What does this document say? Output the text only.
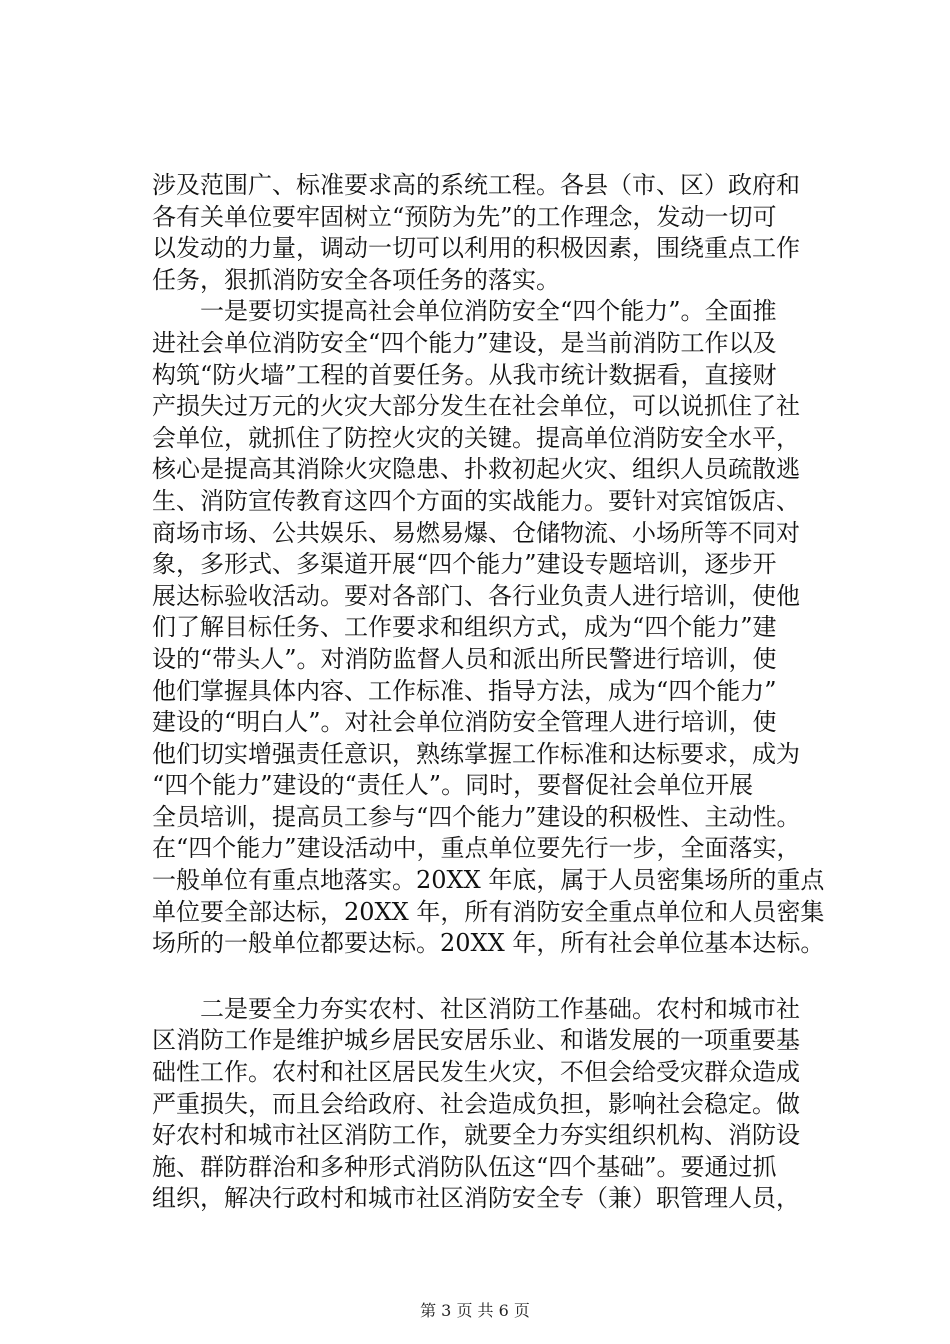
涉及范围广、标准要求高的系统工程。各县（市、区）政府和
各有关单位要牢固树立“预防为先”的工作理念，发动一切可
以发动的力量，调动一切可以利用的积极因素，围绕重点工作
任务，狠抓消防安全各项任务的落实。
一是要切实提高社会单位消防安全“四个能力”。全面推
进社会单位消防安全“四个能力”建设，是当前消防工作以及
构筑“防火墙”工程的首要任务。从我市统计数据看，直接财
产损失过万元的火灾大部分发生在社会单位，可以说抓住了社
会单位，就抓住了防控火灾的关键。提高单位消防安全水平，
核心是提高其消除火灾隐患、扑救初起火灾、组织人员疏散逃
生、消防宣传教育这四个方面的实战能力。要针对宾馆饭店、
商场市场、公共娱乐、易燃易爆、仓储物流、小场所等不同对
象，多形式、多渠道开展“四个能力”建设专题培训，逐步开
展达标验收活动。要对各部门、各行业负责人进行培训，使他
们了解目标任务、工作要求和组织方式，成为“四个能力”建
设的“带头人”。对消防监督人员和派出所民警进行培训，使
他们掌握具体内容、工作标准、指导方法，成为“四个能力”
建设的“明白人”。对社会单位消防安全管理人进行培训，使
他们切实增强责任意识，熟练掌握工作标准和达标要求，成为
“四个能力”建设的“责任人”。同时，要督促社会单位开展
全员培训，提高员工参与“四个能力”建设的积极性、主动性。
在“四个能力”建设活动中，重点单位要先行一步，全面落实，
一般单位有重点地落实。20XX 年底，属于人员密集场所的重点
单位要全部达标，20XX 年，所有消防安全重点单位和人员密集
场所的一般单位都要达标。20XX 年，所有社会单位基本达标。
二是要全力夯实农村、社区消防工作基础。农村和城市社
区消防工作是维护城乡居民安居乐业、和谐发展的一项重要基
础性工作。农村和社区居民发生火灾，不但会给受灾群众造成
严重损失，而且会给政府、社会造成负担，影响社会稳定。做
好农村和城市社区消防工作，就要全力夯实组织机构、消防设
施、群防群治和多种形式消防队伍这“四个基础”。要通过抓
组织，解决行政村和城市社区消防安全专（兼）职管理人员，
第 3 页 共 6 页
